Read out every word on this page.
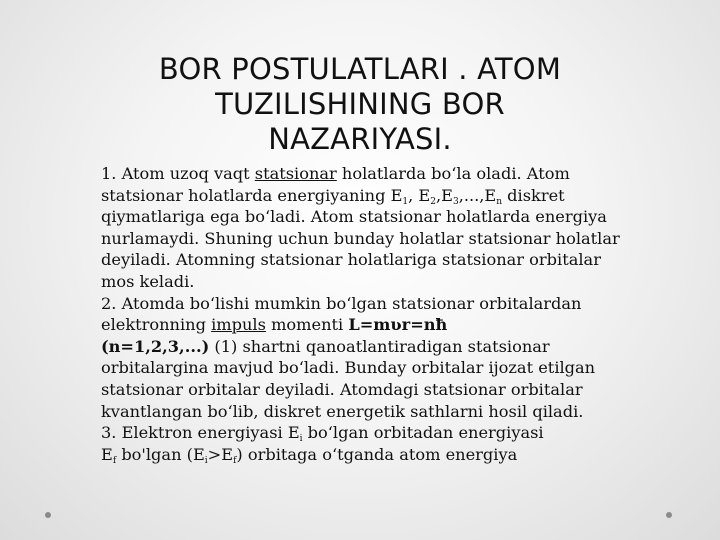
BOR POSTULATLARI . ATOM
TUZILISHINING BOR
NAZARIYASI.

1. Atom uzoq vaqt statsionar holatlarda bo‘la oladi. Atom statsionar holatlarda energiyaning $E_1$, $E_2,E_3,...,E_n$ diskret qiymatlariga ega bo‘ladi. Atom statsionar holatlarda energiya nurlamaydi. Shuning uchun bunday holatlar statsionar holatlar deyiladi. Atomning statsionar holatlariga statsionar orbitalar mos keladi.

2. Atomda bo‘lishi mumkin bo‘lgan statsionar orbitalardan
elektronning impuls momenti L=mʋr=nħ
(n=1,2,3,...) (1) shartni qanoatlantiradigan statsionar orbitalargina mavjud bo‘ladi. Bunday orbitalar ijozat etilgan statsionar orbitalar deyiladi. Atomdagi statsionar orbitalar kvantlangan bo‘lib, diskret energetik sathlarni hosil qiladi.

3. Elektron energiyasi $E_i$ bo‘lgan orbitadan energiyasi
$E_f$ bo'lgan $(E_i>E_f)$ orbitaga o‘tganda atom energiya
